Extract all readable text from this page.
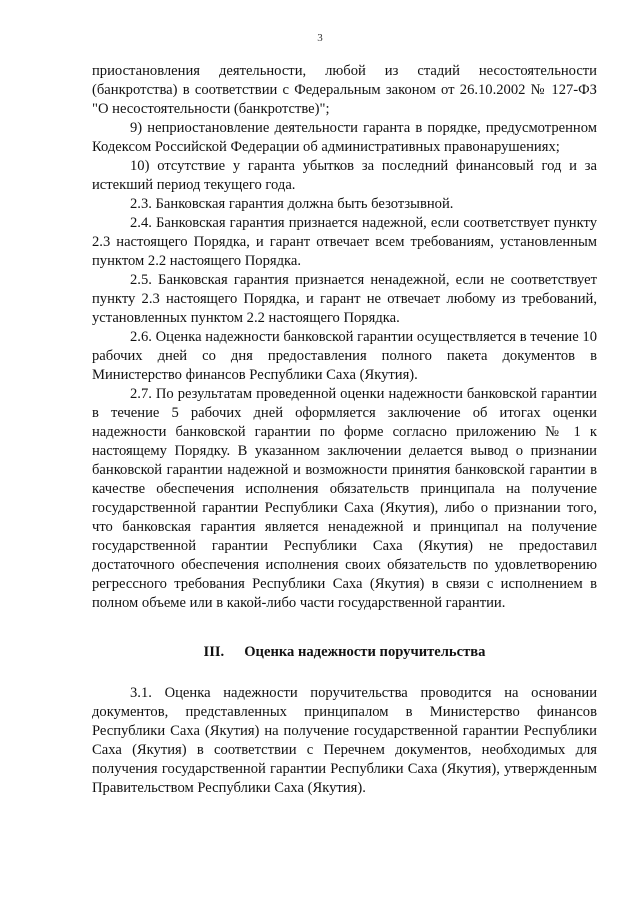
3

приостановления деятельности, любой из стадий несостоятельности (банкротства) в соответствии с Федеральным законом от 26.10.2002 № 127-ФЗ "О несостоятельности (банкротстве)";

9) неприостановление деятельности гаранта в порядке, предусмотренном Кодексом Российской Федерации об административных правонарушениях;

10) отсутствие у гаранта убытков за последний финансовый год и за истекший период текущего года.

2.3. Банковская гарантия должна быть безотзывной.

2.4. Банковская гарантия признается надежной, если соответствует пункту 2.3 настоящего Порядка, и гарант отвечает всем требованиям, установленным пунктом 2.2 настоящего Порядка.

2.5. Банковская гарантия признается ненадежной, если не соответствует пункту 2.3 настоящего Порядка, и гарант не отвечает любому из требований, установленных пунктом 2.2 настоящего Порядка.

2.6. Оценка надежности банковской гарантии осуществляется в течение 10 рабочих дней со дня предоставления полного пакета документов в Министерство финансов Республики Саха (Якутия).

2.7. По результатам проведенной оценки надежности банковской гарантии в течение 5 рабочих дней оформляется заключение об итогах оценки надежности банковской гарантии по форме согласно приложению № 1 к настоящему Порядку. В указанном заключении делается вывод о признании банковской гарантии надежной и возможности принятия банковской гарантии в качестве обеспечения исполнения обязательств принципала на получение государственной гарантии Республики Саха (Якутия), либо о признании того, что банковская гарантия является ненадежной и принципал на получение государственной гарантии Республики Саха (Якутия) не предоставил достаточного обеспечения исполнения своих обязательств по удовлетворению регрессного требования Республики Саха (Якутия) в связи с исполнением в полном объеме или в какой-либо части государственной гарантии.

III. Оценка надежности поручительства

3.1. Оценка надежности поручительства проводится на основании документов, представленных принципалом в Министерство финансов Республики Саха (Якутия) на получение государственной гарантии Республики Саха (Якутия) в соответствии с Перечнем документов, необходимых для получения государственной гарантии Республики Саха (Якутия), утвержденным Правительством Республики Саха (Якутия).
